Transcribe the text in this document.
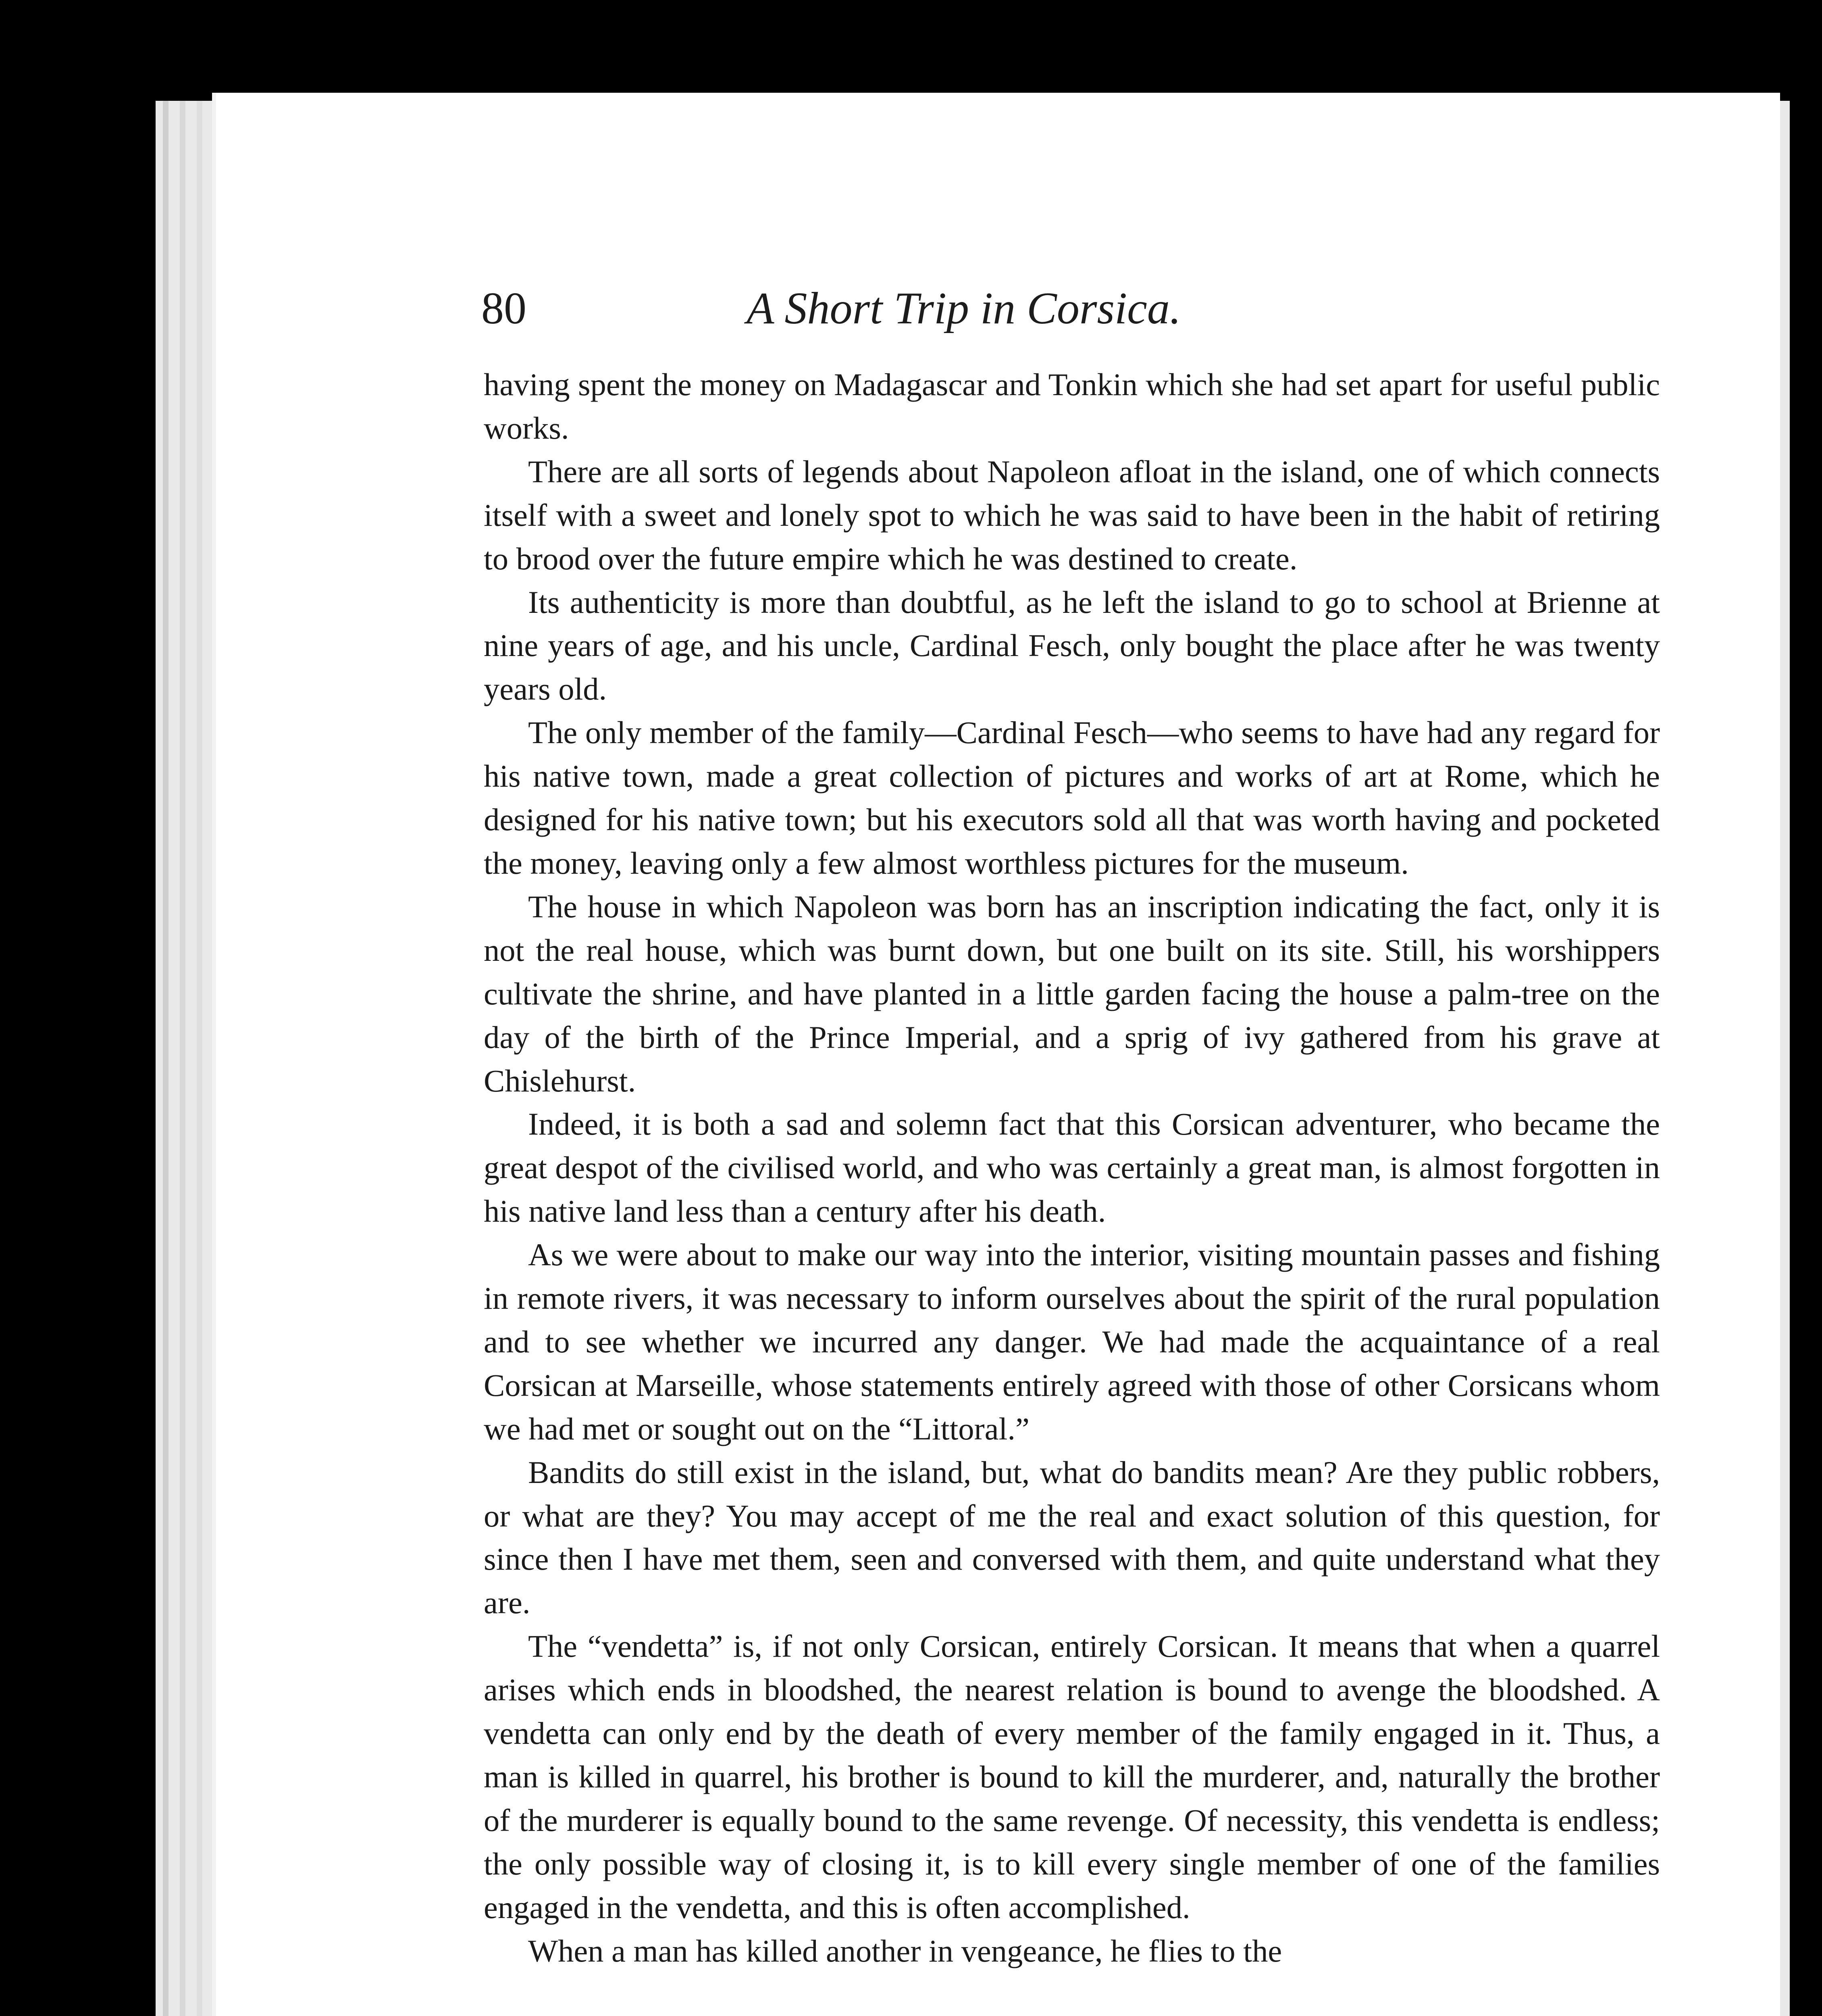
80	A Short Trip in Corsica.

having spent the money on Madagascar and Tonkin which she had set apart for useful public works.

There are all sorts of legends about Napoleon afloat in the island, one of which connects itself with a sweet and lonely spot to which he was said to have been in the habit of retiring to brood over the future empire which he was destined to create.

Its authenticity is more than doubtful, as he left the island to go to school at Brienne at nine years of age, and his uncle, Cardinal Fesch, only bought the place after he was twenty years old.

The only member of the family—Cardinal Fesch—who seems to have had any regard for his native town, made a great collection of pictures and works of art at Rome, which he designed for his native town; but his executors sold all that was worth having and pocketed the money, leaving only a few almost worthless pictures for the museum.

The house in which Napoleon was born has an inscription indicating the fact, only it is not the real house, which was burnt down, but one built on its site. Still, his worshippers cultivate the shrine, and have planted in a little garden facing the house a palm-tree on the day of the birth of the Prince Imperial, and a sprig of ivy gathered from his grave at Chislehurst.

Indeed, it is both a sad and solemn fact that this Corsican adventurer, who became the great despot of the civilised world, and who was certainly a great man, is almost forgotten in his native land less than a century after his death.

As we were about to make our way into the interior, visiting mountain passes and fishing in remote rivers, it was necessary to inform ourselves about the spirit of the rural population and to see whether we incurred any danger. We had made the acquaintance of a real Corsican at Marseille, whose statements entirely agreed with those of other Corsicans whom we had met or sought out on the “Littoral.”

Bandits do still exist in the island, but, what do bandits mean? Are they public robbers, or what are they? You may accept of me the real and exact solution of this question, for since then I have met them, seen and conversed with them, and quite understand what they are.

The “vendetta” is, if not only Corsican, entirely Corsican. It means that when a quarrel arises which ends in bloodshed, the nearest relation is bound to avenge the bloodshed. A vendetta can only end by the death of every member of the family engaged in it. Thus, a man is killed in quarrel, his brother is bound to kill the murderer, and, naturally the brother of the murderer is equally bound to the same revenge. Of necessity, this vendetta is endless; the only possible way of closing it, is to kill every single member of one of the families engaged in the vendetta, and this is often accomplished.

When a man has killed another in vengeance, he flies to the
